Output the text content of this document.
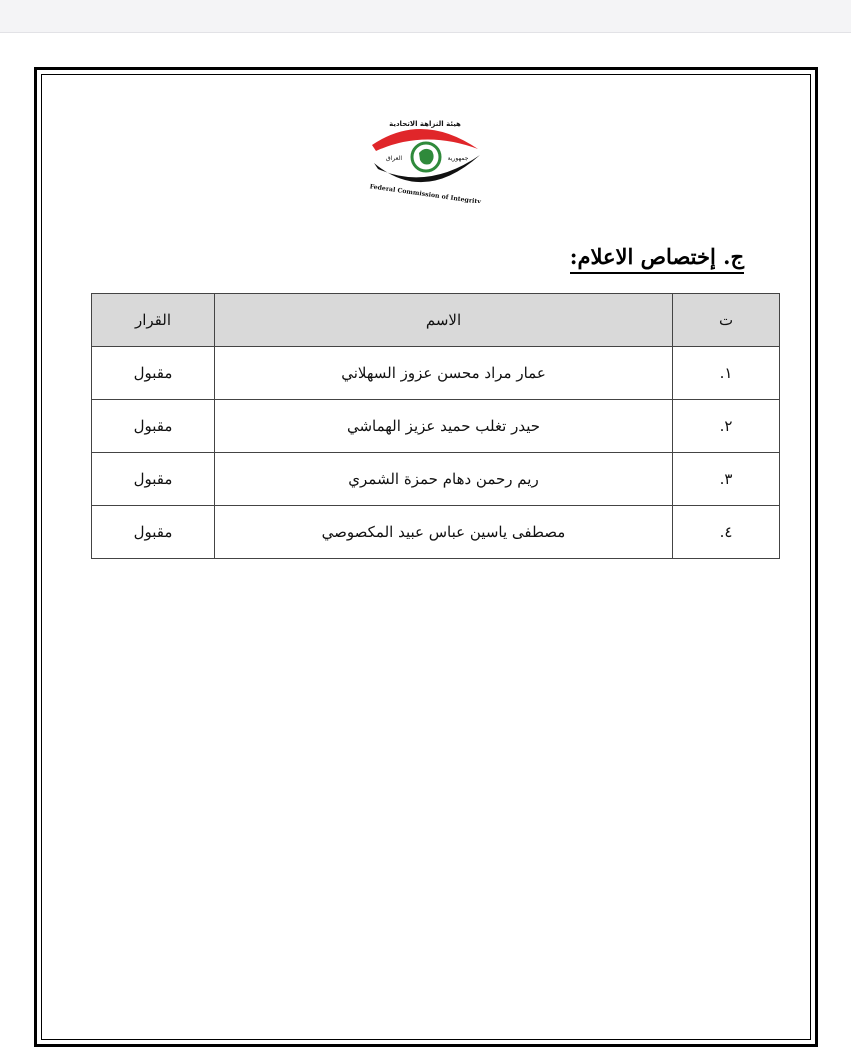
هيئة النزاهة الاتحادية
جمهورية
العراق
Federal Commission of Integrity
ج. إختصاص الاعلام:
ت	الاسم	القرار
١.	عمار مراد محسن عزوز السهلاني	مقبول
٢.	حيدر تغلب حميد عزيز الهماشي	مقبول
٣.	ريم رحمن دهام حمزة الشمري	مقبول
٤.	مصطفى ياسين عباس عبيد المكصوصي	مقبول
